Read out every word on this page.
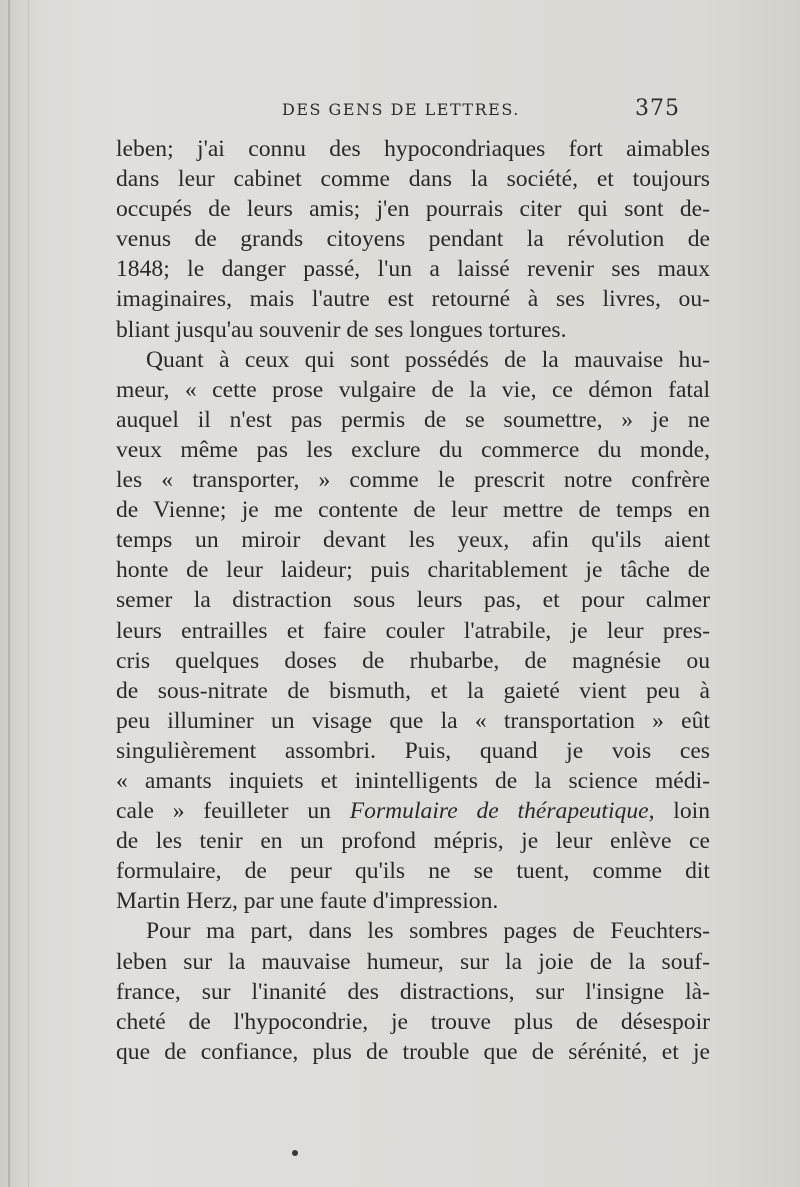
DES GENS DE LETTRES.	375
leben; j'ai connu des hypocondriaques fort aimables
dans leur cabinet comme dans la société, et toujours
occupés de leurs amis; j'en pourrais citer qui sont de-
venus de grands citoyens pendant la révolution de
1848; le danger passé, l'un a laissé revenir ses maux
imaginaires, mais l'autre est retourné à ses livres, ou-
bliant jusqu'au souvenir de ses longues tortures.
Quant à ceux qui sont possédés de la mauvaise hu-
meur, « cette prose vulgaire de la vie, ce démon fatal
auquel il n'est pas permis de se soumettre, » je ne
veux même pas les exclure du commerce du monde,
les « transporter, » comme le prescrit notre confrère
de Vienne; je me contente de leur mettre de temps en
temps un miroir devant les yeux, afin qu'ils aient
honte de leur laideur; puis charitablement je tâche de
semer la distraction sous leurs pas, et pour calmer
leurs entrailles et faire couler l'atrabile, je leur pres-
cris quelques doses de rhubarbe, de magnésie ou
de sous-nitrate de bismuth, et la gaieté vient peu à
peu illuminer un visage que la « transportation » eût
singulièrement assombri. Puis, quand je vois ces
« amants inquiets et inintelligents de la science médi-
cale » feuilleter un Formulaire de thérapeutique, loin
de les tenir en un profond mépris, je leur enlève ce
formulaire, de peur qu'ils ne se tuent, comme dit
Martin Herz, par une faute d'impression.
Pour ma part, dans les sombres pages de Feuchters-
leben sur la mauvaise humeur, sur la joie de la souf-
france, sur l'inanité des distractions, sur l'insigne là-
cheté de l'hypocondrie, je trouve plus de désespoir
que de confiance, plus de trouble que de sérénité, et je
